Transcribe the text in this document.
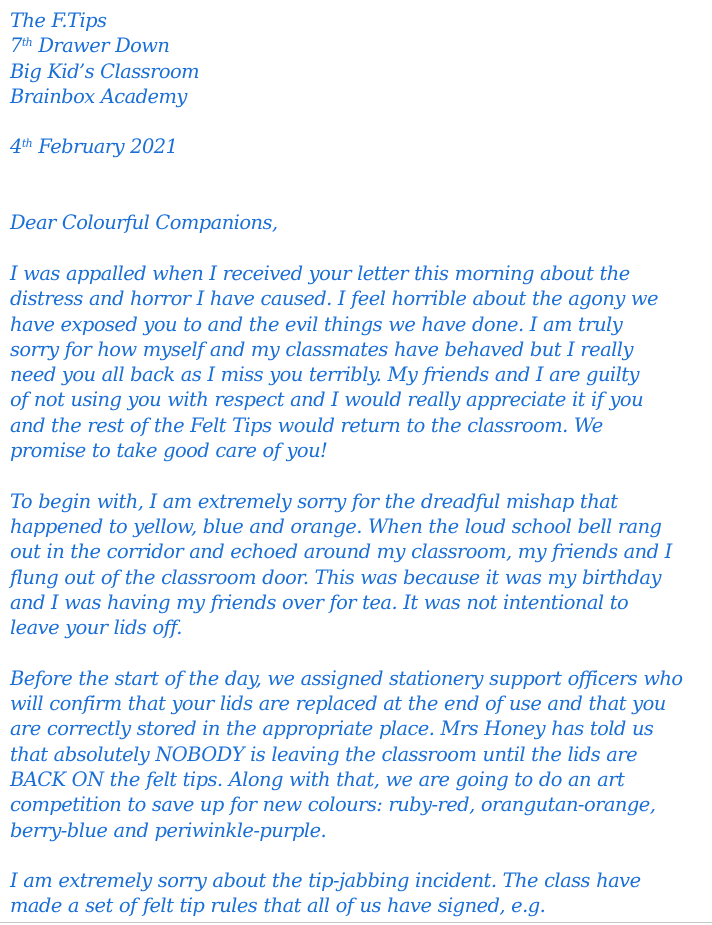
The F.Tips
7th Drawer Down
Big Kid’s Classroom
Brainbox Academy
4th February 2021
Dear Colourful Companions,
I was appalled when I received your letter this morning about the
distress and horror I have caused. I feel horrible about the agony we
have exposed you to and the evil things we have done. I am truly
sorry for how myself and my classmates have behaved but I really
need you all back as I miss you terribly. My friends and I are guilty
of not using you with respect and I would really appreciate it if you
and the rest of the Felt Tips would return to the classroom. We
promise to take good care of you!
To begin with, I am extremely sorry for the dreadful mishap that
happened to yellow, blue and orange. When the loud school bell rang
out in the corridor and echoed around my classroom, my friends and I
flung out of the classroom door. This was because it was my birthday
and I was having my friends over for tea. It was not intentional to
leave your lids off.
Before the start of the day, we assigned stationery support officers who
will confirm that your lids are replaced at the end of use and that you
are correctly stored in the appropriate place. Mrs Honey has told us
that absolutely NOBODY is leaving the classroom until the lids are
BACK ON the felt tips. Along with that, we are going to do an art
competition to save up for new colours: ruby-red, orangutan-orange,
berry-blue and periwinkle-purple.
I am extremely sorry about the tip-jabbing incident. The class have
made a set of felt tip rules that all of us have signed, e.g.
